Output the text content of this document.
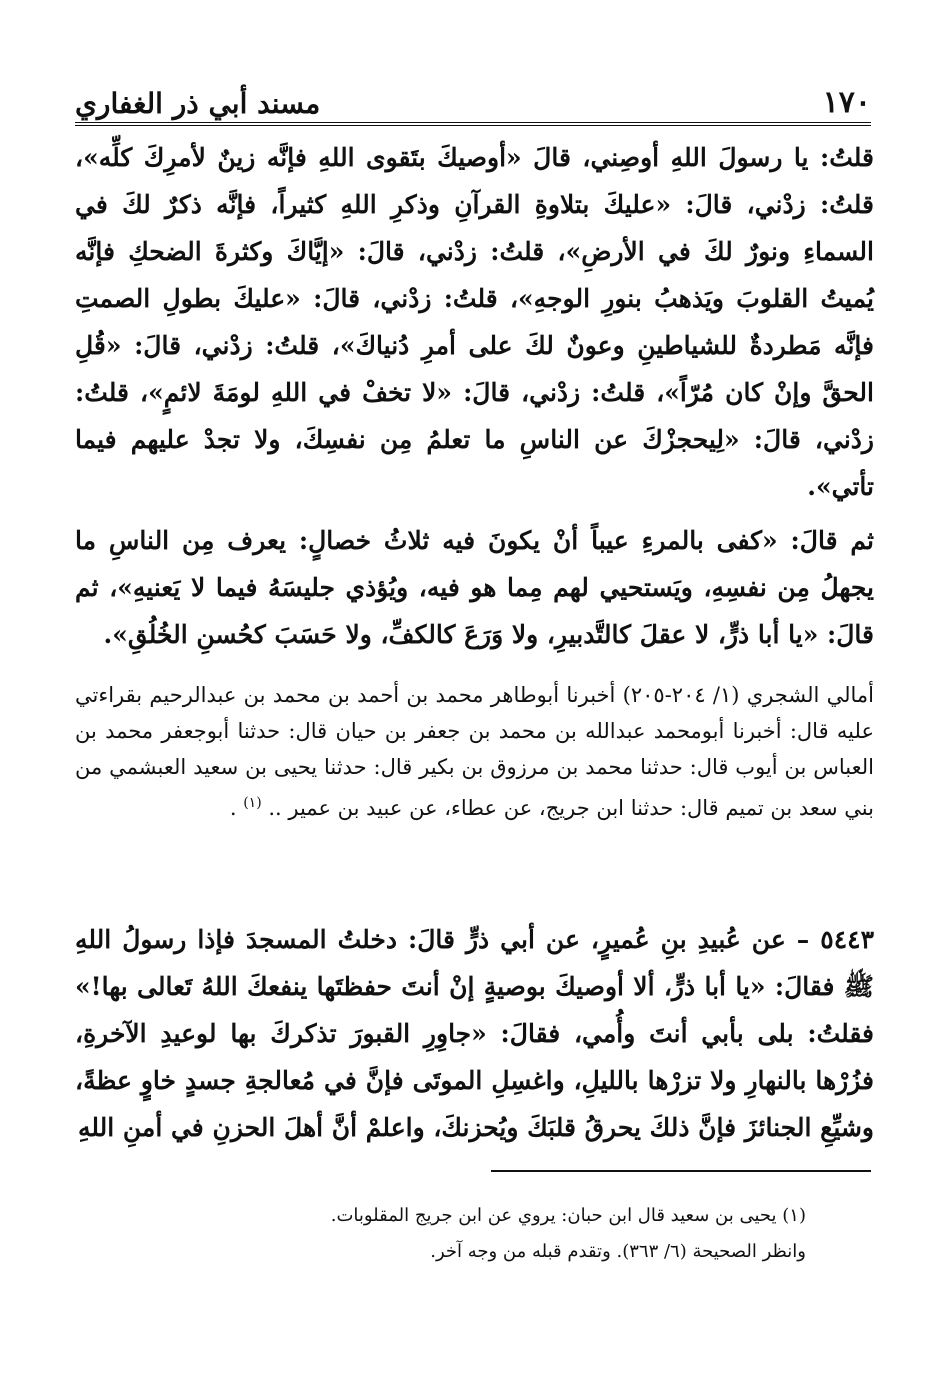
١٧٠
مسند أبي ذر الغفاري

قلتُ: يا رسولَ اللهِ أوصِني، قالَ «أوصيكَ بتَقوى اللهِ فإنَّه زينٌ لأمرِكَ كلِّه»، قلتُ: زدْني، قالَ: «عليكَ بتلاوةِ القرآنِ وذكرِ اللهِ كثيراً، فإنَّه ذكرٌ لكَ في السماءِ ونورٌ لكَ في الأرضِ»، قلتُ: زدْني، قالَ: «إيَّاكَ وكثرةَ الضحكِ فإنَّه يُميتُ القلوبَ ويَذهبُ بنورِ الوجهِ»، قلتُ: زدْني، قالَ: «عليكَ بطولِ الصمتِ فإنَّه مَطردةٌ للشياطينِ وعونٌ لكَ على أمرِ دُنياكَ»، قلتُ: زدْني، قالَ: «قُلِ الحقَّ وإنْ كان مُرّاً»، قلتُ: زدْني، قالَ: «لا تخفْ في اللهِ لومَةَ لائمٍ»، قلتُ: زدْني، قالَ: «لِيحجزْكَ عن الناسِ ما تعلمُ مِن نفسِكَ، ولا تجدْ عليهم فيما تأتي».

ثم قالَ: «كفى بالمرءِ عيباً أنْ يكونَ فيه ثلاثُ خصالٍ: يعرف مِن الناسِ ما يجهلُ مِن نفسِهِ، ويَستحيي لهم مِما هو فيه، ويُؤذي جليسَهُ فيما لا يَعنيهِ»، ثم قالَ: «يا أبا ذرٍّ، لا عقلَ كالتَّدبيرِ، ولا وَرَعَ كالكفِّ، ولا حَسَبَ كحُسنِ الخُلُقِ».

أمالي الشجري (١/ ٢٠٤-٢٠٥) أخبرنا أبوطاهر محمد بن أحمد بن محمد بن عبدالرحيم بقراءتي عليه قال: أخبرنا أبومحمد عبدالله بن محمد بن جعفر بن حيان قال: حدثنا أبوجعفر محمد بن العباس بن أيوب قال: حدثنا محمد بن مرزوق بن بكير قال: حدثنا يحيى بن سعيد العبشمي من بني سعد بن تميم قال: حدثنا ابن جريج، عن عطاء، عن عبيد بن عمير .. $^{(١)}$ .

٥٤٤٣ – عن عُبيدِ بنِ عُميرٍ، عن أبي ذرٍّ قالَ: دخلتُ المسجدَ فإذا رسولُ اللهِ ﷺ فقالَ: «يا أبا ذرٍّ، ألا أوصيكَ بوصيةٍ إنْ أنتَ حفظتَها ينفعكَ اللهُ تَعالى بها!» فقلتُ: بلى بأبي أنتَ وأُمي، فقالَ: «جاوِرِ القبورَ تذكركَ بها لوعيدِ الآخرةِ، فزُرْها بالنهارِ ولا تزرْها بالليلِ، واغسِلِ الموتَى فإنَّ في مُعالجةِ جسدٍ خاوٍ عظةً، وشيِّعِ الجنائزَ فإنَّ ذلكَ يحرقُ قلبَكَ ويُحزنكَ، واعلمْ أنَّ أهلَ الحزنِ في أمنِ اللهِ

(١) يحيى بن سعيد قال ابن حبان: يروي عن ابن جريج المقلوبات.

وانظر الصحيحة (٦/ ٣٦٣). وتقدم قبله من وجه آخر.
